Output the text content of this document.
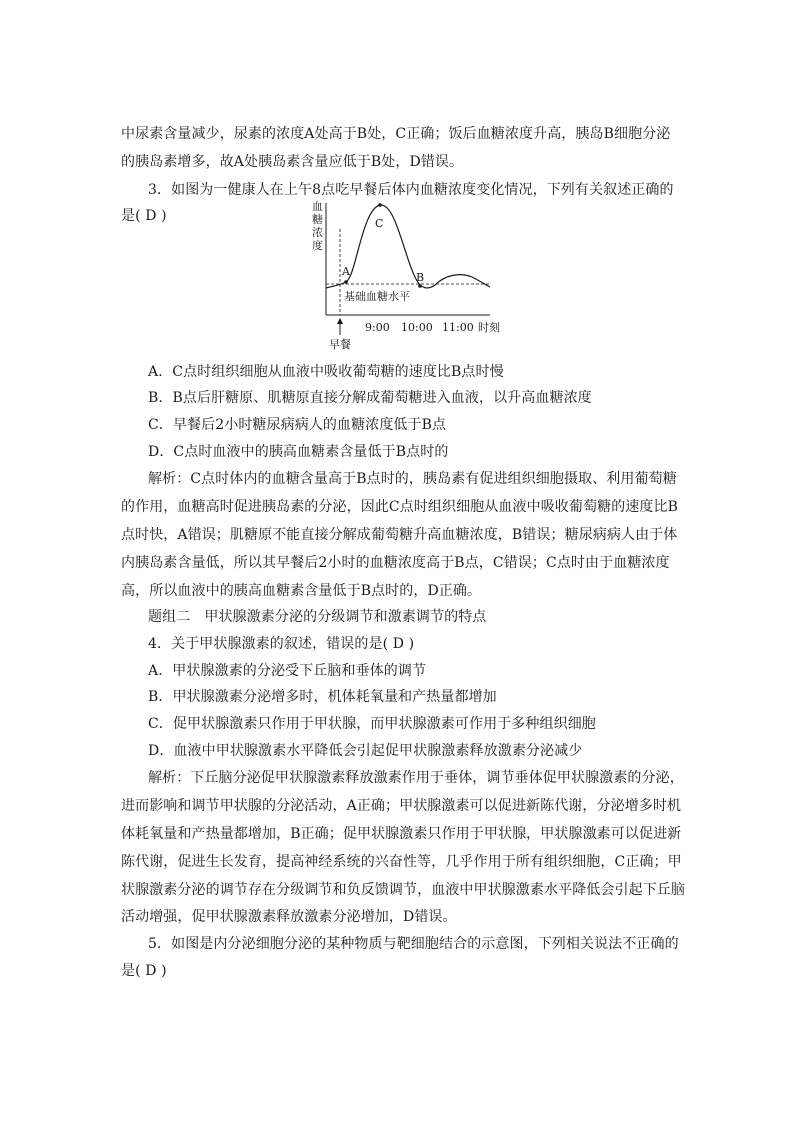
中尿素含量减少，尿素的浓度A处高于B处，C正确；饭后血糖浓度升高，胰岛B细胞分泌
的胰岛素增多，故A处胰岛素含量应低于B处，D错误。
3．如图为一健康人在上午8点吃早餐后体内血糖浓度变化情况，下列有关叙述正确的
是( D )
血
糖
浓
度
A
C
B
基础血糖水平
9:00 10:00 11:00 时刻
早餐
A．C点时组织细胞从血液中吸收葡萄糖的速度比B点时慢
B．B点后肝糖原、肌糖原直接分解成葡萄糖进入血液，以升高血糖浓度
C．早餐后2小时糖尿病病人的血糖浓度低于B点
D．C点时血液中的胰高血糖素含量低于B点时的
解析：C点时体内的血糖含量高于B点时的，胰岛素有促进组织细胞摄取、利用葡萄糖
的作用，血糖高时促进胰岛素的分泌，因此C点时组织细胞从血液中吸收葡萄糖的速度比B
点时快，A错误；肌糖原不能直接分解成葡萄糖升高血糖浓度，B错误；糖尿病病人由于体
内胰岛素含量低，所以其早餐后2小时的血糖浓度高于B点，C错误；C点时由于血糖浓度
高，所以血液中的胰高血糖素含量低于B点时的，D正确。
题组二　甲状腺激素分泌的分级调节和激素调节的特点
4．关于甲状腺激素的叙述，错误的是( D )
A．甲状腺激素的分泌受下丘脑和垂体的调节
B．甲状腺激素分泌增多时，机体耗氧量和产热量都增加
C．促甲状腺激素只作用于甲状腺，而甲状腺激素可作用于多种组织细胞
D．血液中甲状腺激素水平降低会引起促甲状腺激素释放激素分泌减少
解析：下丘脑分泌促甲状腺激素释放激素作用于垂体，调节垂体促甲状腺激素的分泌，
进而影响和调节甲状腺的分泌活动，A正确；甲状腺激素可以促进新陈代谢，分泌增多时机
体耗氧量和产热量都增加，B正确；促甲状腺激素只作用于甲状腺，甲状腺激素可以促进新
陈代谢，促进生长发育，提高神经系统的兴奋性等，几乎作用于所有组织细胞，C正确；甲
状腺激素分泌的调节存在分级调节和负反馈调节，血液中甲状腺激素水平降低会引起下丘脑
活动增强，促甲状腺激素释放激素分泌增加，D错误。
5．如图是内分泌细胞分泌的某种物质与靶细胞结合的示意图，下列相关说法不正确的
是( D )
